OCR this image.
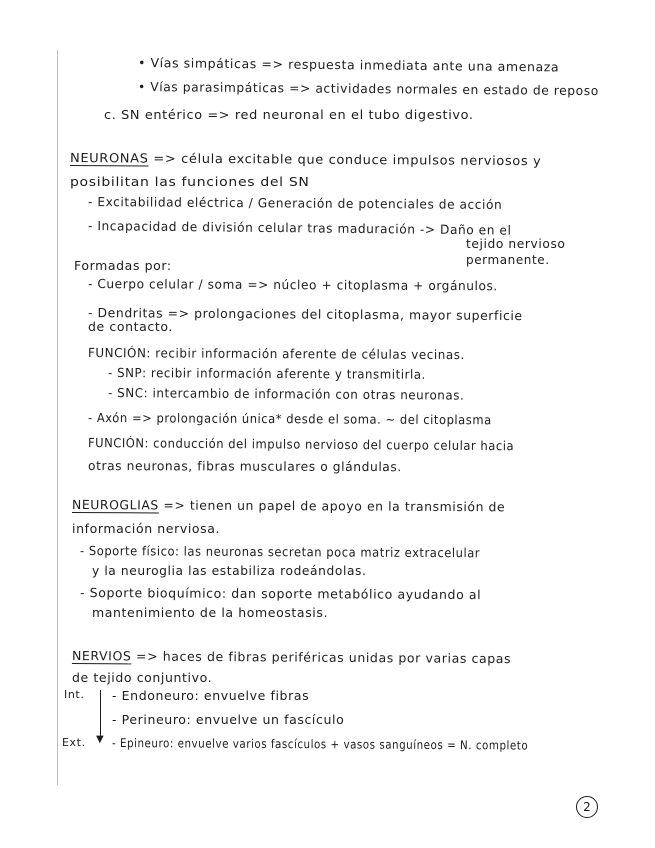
• Vías simpáticas => respuesta inmediata ante una amenaza
• Vías parasimpáticas => actividades normales en estado de reposo
c. SN entérico => red neuronal en el tubo digestivo.
NEURONAS => célula excitable que conduce impulsos nerviosos y
posibilitan las funciones del SN
- Excitabilidad eléctrica / Generación de potenciales de acción
- Incapacidad de división celular tras maduración -> Daño en el
tejido nervioso
permanente.
Formadas por:
- Cuerpo celular / soma => núcleo + citoplasma + orgánulos.
- Dendritas => prolongaciones del citoplasma, mayor superficie
de contacto.
FUNCIÓN: recibir información aferente de células vecinas.
- SNP: recibir información aferente y transmitirla.
- SNC: intercambio de información con otras neuronas.
- Axón => prolongación única* desde el soma. ~ del citoplasma
FUNCIÓN: conducción del impulso nervioso del cuerpo celular hacia
otras neuronas, fibras musculares o glándulas.
NEUROGLIAS => tienen un papel de apoyo en la transmisión de
información nerviosa.
- Soporte físico: las neuronas secretan poca matriz extracelular
y la neuroglia las estabiliza rodeándolas.
- Soporte bioquímico: dan soporte metabólico ayudando al
mantenimiento de la homeostasis.
NERVIOS => haces de fibras periféricas unidas por varias capas
de tejido conjuntivo.
Int.
▼
- Endoneuro: envuelve fibras
- Perineuro: envuelve un fascículo
Ext. - Epineuro: envuelve varios fascículos + vasos sanguíneos = N. completo
2
